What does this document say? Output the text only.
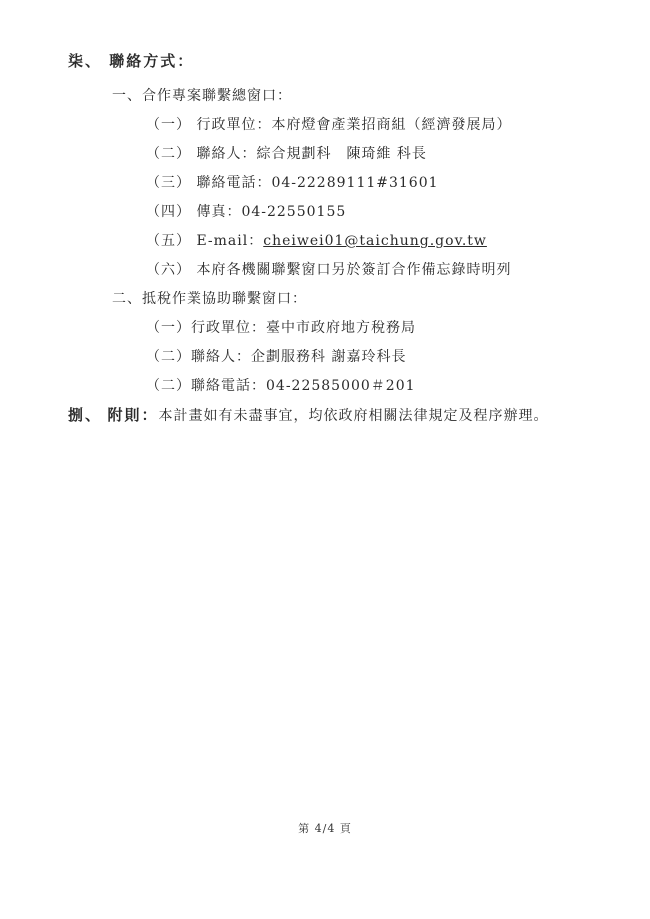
柒、 聯絡方式：
一、合作專案聯繫總窗口：
（一） 行政單位：本府燈會產業招商組（經濟發展局）
（二） 聯絡人：綜合規劃科　陳琦維 科長
（三） 聯絡電話：04-22289111#31601
（四） 傳真：04-22550155
（五） E-mail：cheiwei01@taichung.gov.tw
（六） 本府各機關聯繫窗口另於簽訂合作備忘錄時明列
二、抵稅作業協助聯繫窗口：
（一）行政單位：臺中市政府地方稅務局
（二）聯絡人：企劃服務科 謝嘉玲科長
（二）聯絡電話：04-22585000＃201
捌、 附則：本計畫如有未盡事宜，均依政府相關法律規定及程序辦理。
第 4/4 頁
